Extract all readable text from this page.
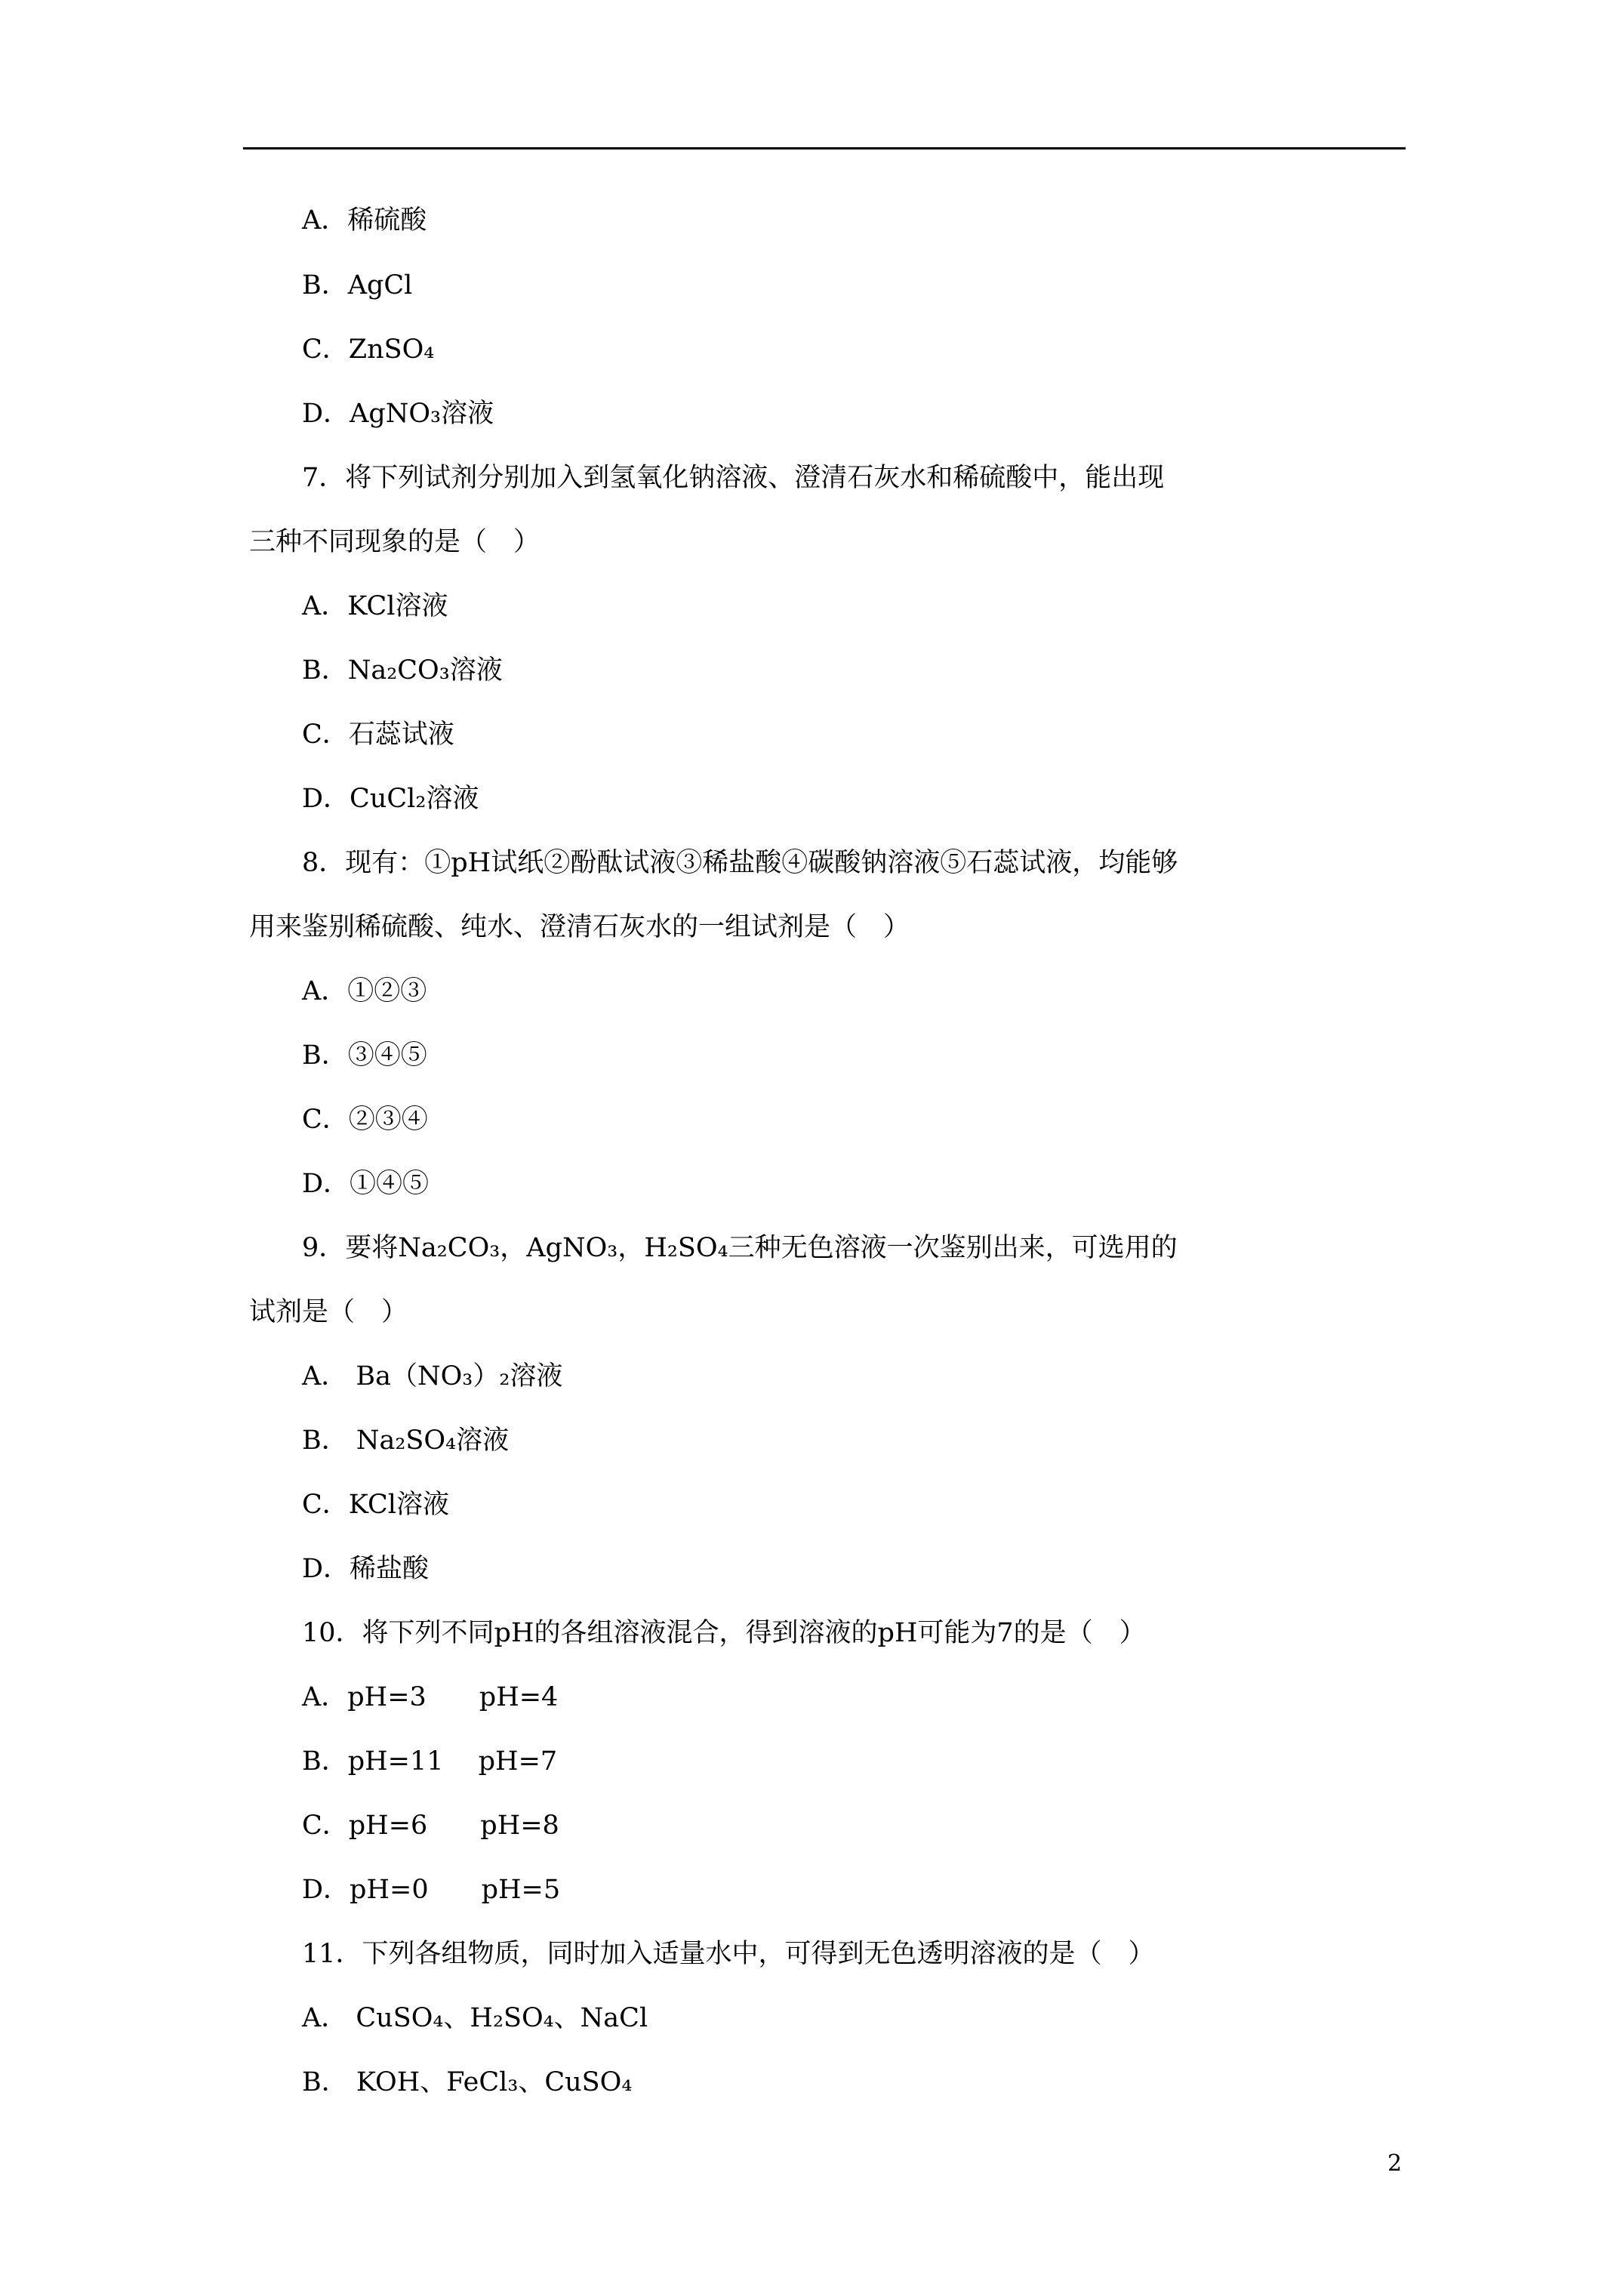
A．稀硫酸
B．AgCl
C．ZnSO₄
D．AgNO₃溶液
7．将下列试剂分别加入到氢氧化钠溶液、澄清石灰水和稀硫酸中，能出现
三种不同现象的是（　）
A．KCl溶液
B．Na₂CO₃溶液
C．石蕊试液
D．CuCl₂溶液
8．现有：①pH试纸②酚酞试液③稀盐酸④碳酸钠溶液⑤石蕊试液，均能够
用来鉴别稀硫酸、纯水、澄清石灰水的一组试剂是（　）
A．①②③
B．③④⑤
C．②③④
D．①④⑤
9．要将Na₂CO₃，AgNO₃，H₂SO₄三种无色溶液一次鉴别出来，可选用的
试剂是（　）
A． Ba（NO₃）₂溶液
B． Na₂SO₄溶液
C．KCl溶液
D．稀盐酸
10．将下列不同pH的各组溶液混合，得到溶液的pH可能为7的是（　）
A．pH=3　　pH=4
B．pH=11　 pH=7
C．pH=6　　pH=8
D．pH=0　　pH=5
11．下列各组物质，同时加入适量水中，可得到无色透明溶液的是（　）
A． CuSO₄、H₂SO₄、NaCl
B． KOH、FeCl₃、CuSO₄
2
